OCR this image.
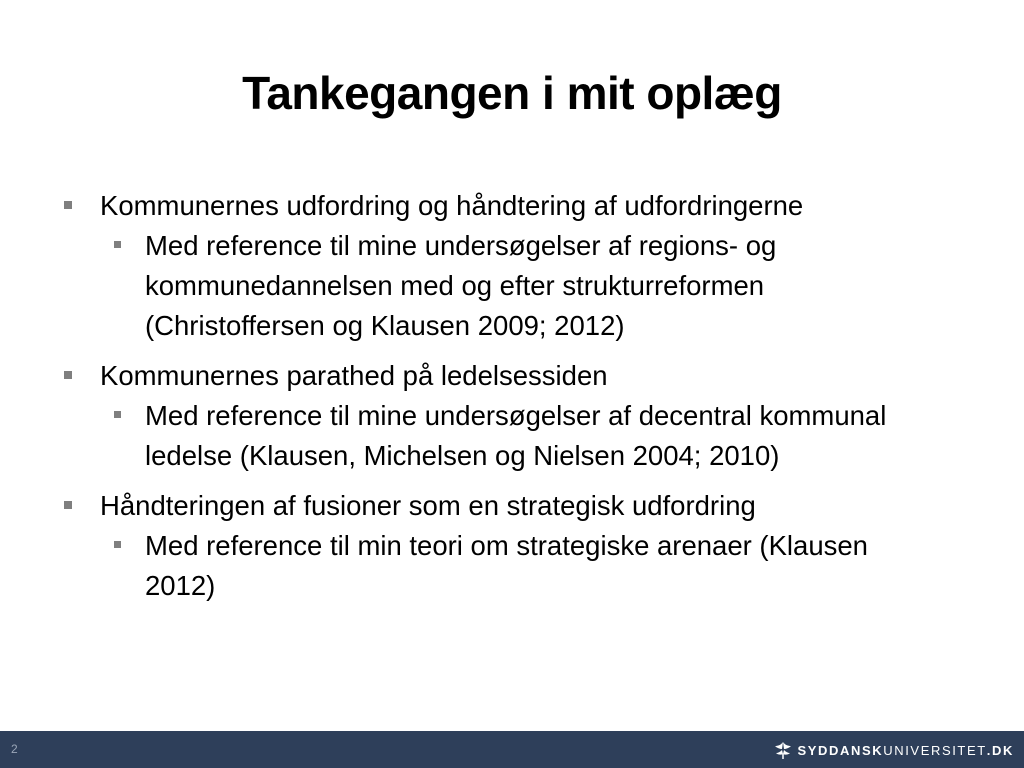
Tankegangen i mit oplæg
Kommunernes udfordring og håndtering af udfordringerne
Med reference til mine undersøgelser af regions- og kommunedannelsen med og efter strukturreformen (Christoffersen og Klausen 2009; 2012)
Kommunernes parathed på ledelsessiden
Med reference til mine undersøgelser af decentral kommunal ledelse (Klausen, Michelsen og Nielsen 2004; 2010)
Håndteringen af fusioner som en strategisk udfordring
Med reference til min teori om strategiske arenaer (Klausen 2012)
2	SYDDANSK UNIVERSITET .DK
